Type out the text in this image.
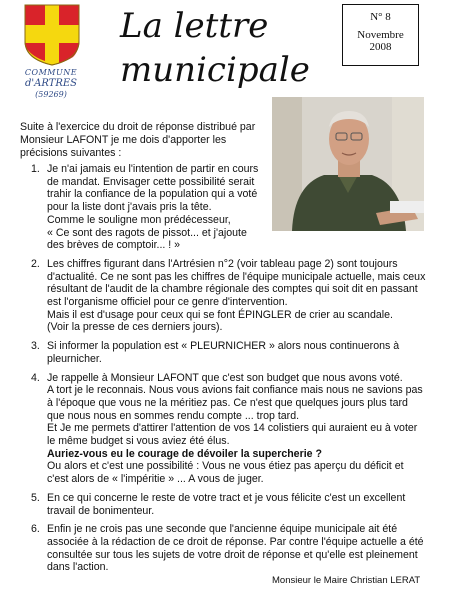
COMMUNE
d'ARTRES
(59269)
La lettre
municipale
N° 8
Novembre
2008
Suite à l'exercice du droit de réponse distribué par Monsieur LAFONT je me dois d'apporter les précisions suivantes :
1. Je n'ai jamais eu l'intention de partir en cours
de mandat. Envisager cette possibilité serait
trahir la confiance de la population qui a voté
pour la liste dont j'avais pris la tête.
Comme le souligne mon prédécesseur,
« Ce sont des ragots de pissot... et j'ajoute
des brèves de comptoir... ! »
2. Les chiffres figurant dans l'Artrésien n°2 (voir tableau page 2) sont toujours
d'actualité. Ce ne sont pas les chiffres de l'équipe municipale actuelle, mais ceux
résultant de l'audit de la chambre régionale des comptes qui soit dit en passant
est l'organisme officiel pour ce genre d'intervention.
Mais il est d'usage pour ceux qui se font ÉPINGLER de crier au scandale.
(Voir la presse de ces derniers jours).
3. Si informer la population est « PLEURNICHER » alors nous continuerons à
pleurnicher.
4. Je rappelle à Monsieur LAFONT que c'est son budget que nous avons voté.
A tort je le reconnais. Nous vous avions fait confiance mais nous ne savions pas
à l'époque que vous ne la méritiez pas. Ce n'est que quelques jours plus tard
que nous nous en sommes rendu compte ... trop tard.
Et Je me permets d'attirer l'attention de vos 14 colistiers qui auraient eu à voter
le même budget si vous aviez été élus.
Auriez-vous eu le courage de dévoiler la supercherie ?
Ou alors et c'est une possibilité : Vous ne vous étiez pas aperçu du déficit et
c'est alors de « l'impéritie » ... A vous de juger.
5. En ce qui concerne le reste de votre tract et je vous félicite c'est un excellent
travail de bonimenteur.
6. Enfin je ne crois pas une seconde que l'ancienne équipe municipale ait été
associée à la rédaction de ce droit de réponse. Par contre l'équipe actuelle a été
consultée sur tous les sujets de votre droit de réponse et qu'elle est pleinement
dans l'action.
Monsieur le Maire Christian LERAT
